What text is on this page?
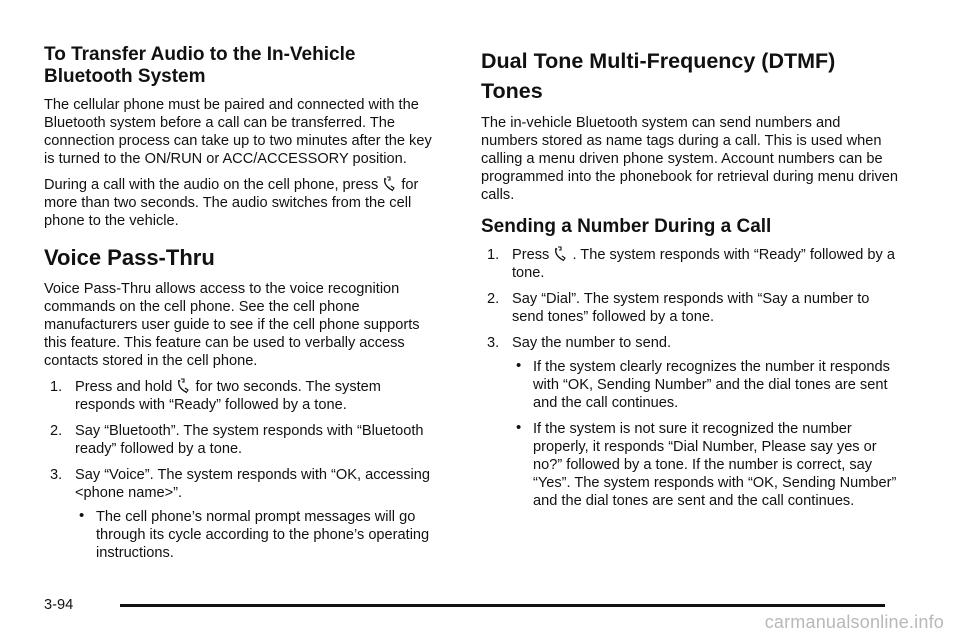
To Transfer Audio to the In-Vehicle Bluetooth System

The cellular phone must be paired and connected with the Bluetooth system before a call can be transferred. The connection process can take up to two minutes after the key is turned to the ON/RUN or ACC/ACCESSORY position.

During a call with the audio on the cell phone, press for more than two seconds. The audio switches from the cell phone to the vehicle.

Voice Pass-Thru

Voice Pass-Thru allows access to the voice recognition commands on the cell phone. See the cell phone manufacturers user guide to see if the cell phone supports this feature. This feature can be used to verbally access contacts stored in the cell phone.

1. Press and hold for two seconds. The system responds with “Ready” followed by a tone.
2. Say “Bluetooth”. The system responds with “Bluetooth ready” followed by a tone.
3. Say “Voice”. The system responds with “OK, accessing <phone name>”.
• The cell phone’s normal prompt messages will go through its cycle according to the phone’s operating instructions.
Dual Tone Multi-Frequency (DTMF) Tones

The in-vehicle Bluetooth system can send numbers and numbers stored as name tags during a call. This is used when calling a menu driven phone system. Account numbers can be programmed into the phonebook for retrieval during menu driven calls.

Sending a Number During a Call
1. Press . The system responds with “Ready” followed by a tone.
2. Say “Dial”. The system responds with “Say a number to send tones” followed by a tone.
3. Say the number to send.
• If the system clearly recognizes the number it responds with “OK, Sending Number” and the dial tones are sent and the call continues.
• If the system is not sure it recognized the number properly, it responds “Dial Number, Please say yes or no?” followed by a tone. If the number is correct, say “Yes”. The system responds with “OK, Sending Number” and the dial tones are sent and the call continues.
3-94
carmanualsonline.info
